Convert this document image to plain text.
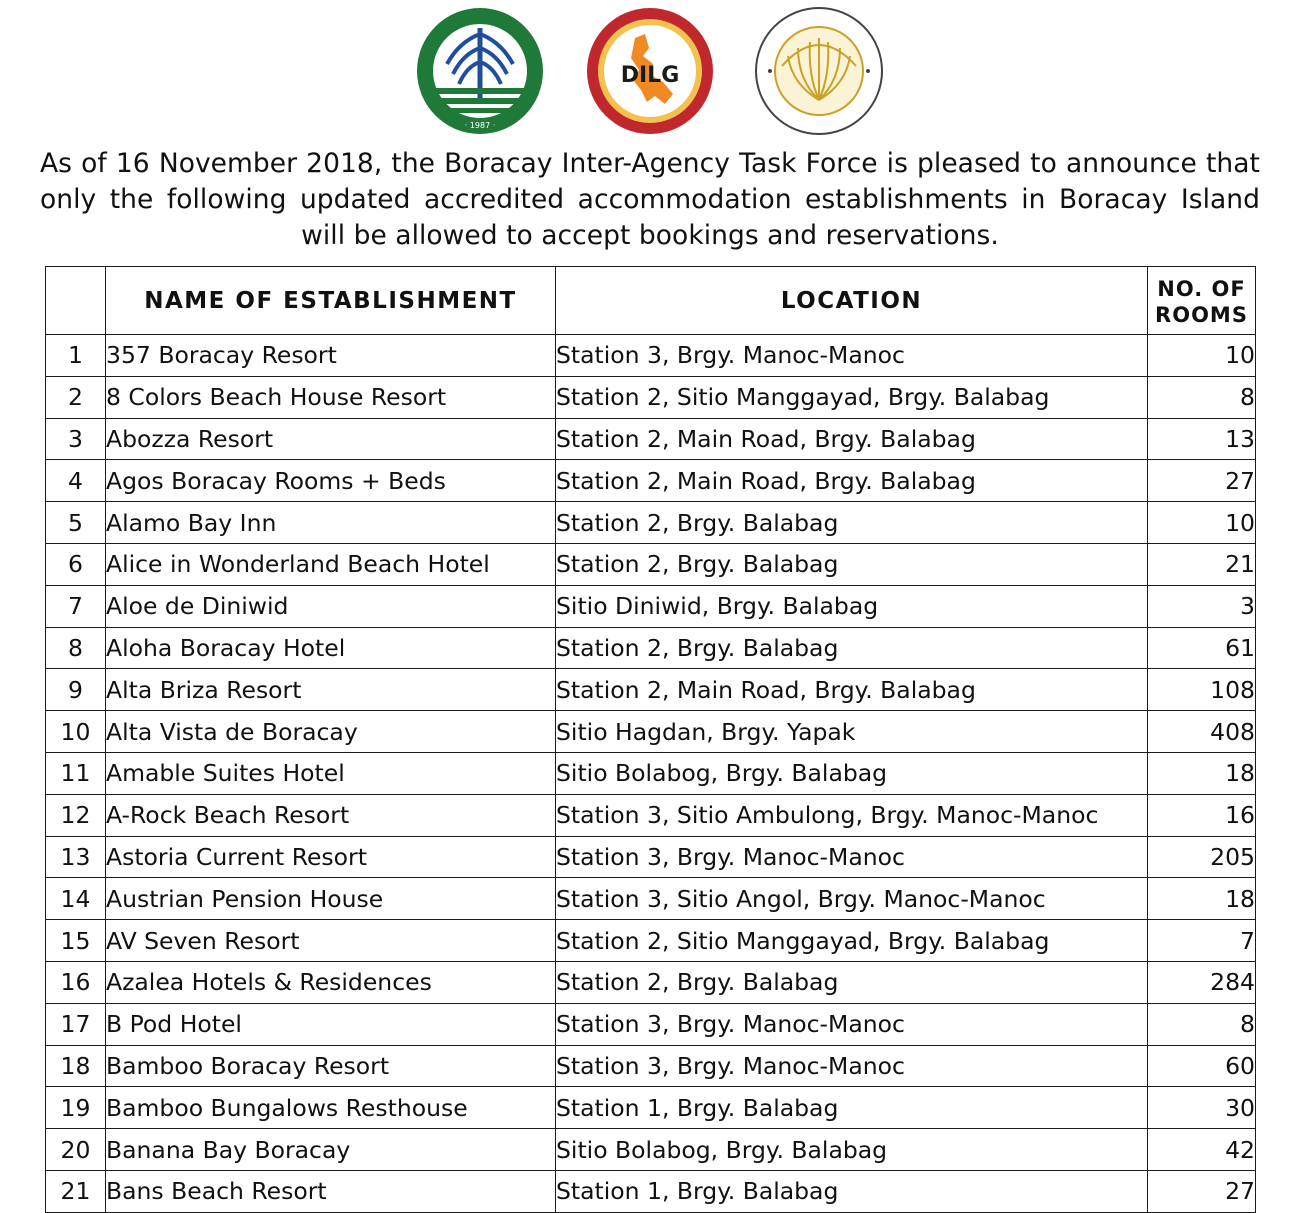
· 1987 ·
DILG

As of 16 November 2018, the Boracay Inter-Agency Task Force is pleased to announce that only the following updated accredited accommodation establishments in Boracay Island will be allowed to accept bookings and reservations.

	NAME OF ESTABLISHMENT	LOCATION	NO. OF
ROOMS

1	357 Boracay Resort	Station 3, Brgy. Manoc-Manoc	10
2	8 Colors Beach House Resort	Station 2, Sitio Manggayad, Brgy. Balabag	8
3	Abozza Resort	Station 2, Main Road, Brgy. Balabag	13
4	Agos Boracay Rooms + Beds	Station 2, Main Road, Brgy. Balabag	27
5	Alamo Bay Inn	Station 2, Brgy. Balabag	10
6	Alice in Wonderland Beach Hotel	Station 2, Brgy. Balabag	21
7	Aloe de Diniwid	Sitio Diniwid, Brgy. Balabag	3
8	Aloha Boracay Hotel	Station 2, Brgy. Balabag	61
9	Alta Briza Resort	Station 2, Main Road, Brgy. Balabag	108
10	Alta Vista de Boracay	Sitio Hagdan, Brgy. Yapak	408
11	Amable Suites Hotel	Sitio Bolabog, Brgy. Balabag	18
12	A-Rock Beach Resort	Station 3, Sitio Ambulong, Brgy. Manoc-Manoc	16
13	Astoria Current Resort	Station 3, Brgy. Manoc-Manoc	205
14	Austrian Pension House	Station 3, Sitio Angol, Brgy. Manoc-Manoc	18
15	AV Seven Resort	Station 2, Sitio Manggayad, Brgy. Balabag	7
16	Azalea Hotels & Residences	Station 2, Brgy. Balabag	284
17	B Pod Hotel	Station 3, Brgy. Manoc-Manoc	8
18	Bamboo Boracay Resort	Station 3, Brgy. Manoc-Manoc	60
19	Bamboo Bungalows Resthouse	Station 1, Brgy. Balabag	30
20	Banana Bay Boracay	Sitio Bolabog, Brgy. Balabag	42
21	Bans Beach Resort	Station 1, Brgy. Balabag	27
